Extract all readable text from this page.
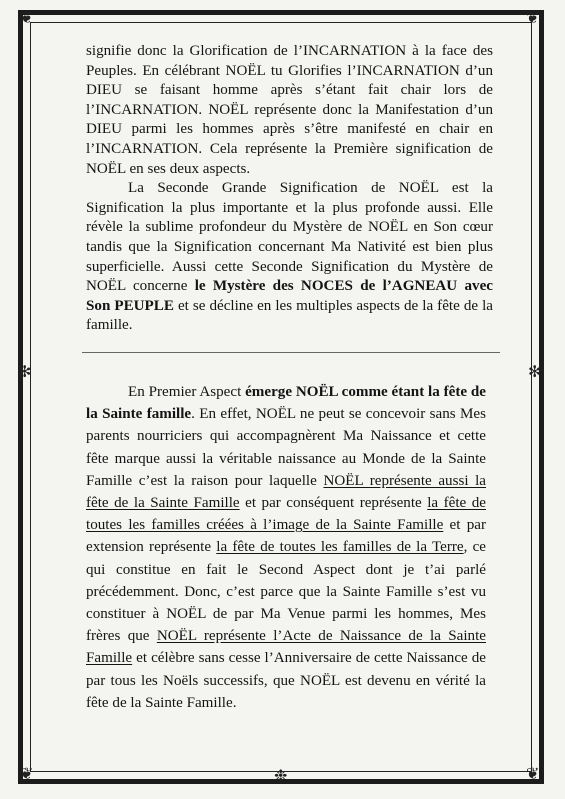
❦	❦
❦	❦
✻	✻
❉

signifie donc la Glorification de l’INCARNATION à la face des Peuples. En célébrant NOËL tu Glorifies l’INCARNATION d’un DIEU se faisant homme après s’étant fait chair lors de l’INCARNATION. NOËL représente donc la Manifestation d’un DIEU parmi les hommes après s’être manifesté en chair en l’INCARNATION. Cela représente la Première signification de NOËL en ses deux aspects.

La Seconde Grande Signification de NOËL est la Signification la plus importante et la plus profonde aussi. Elle révèle la sublime profondeur du Mystère de NOËL en Son cœur tandis que la Signification concernant Ma Nativité est bien plus superficielle. Aussi cette Seconde Signification du Mystère de NOËL concerne le Mystère des NOCES de l’AGNEAU avec Son PEUPLE et se décline en les multiples aspects de la fête de la famille.

En Premier Aspect émerge NOËL comme étant la fête de la Sainte famille. En effet, NOËL ne peut se concevoir sans Mes parents nourriciers qui accompagnèrent Ma Naissance et cette fête marque aussi la véritable naissance au Monde de la Sainte Famille c’est la raison pour laquelle NOËL représente aussi la fête de la Sainte Famille et par conséquent représente la fête de toutes les familles créées à l’image de la Sainte Famille et par extension représente la fête de toutes les familles de la Terre, ce qui constitue en fait le Second Aspect dont je t’ai parlé précédemment. Donc, c’est parce que la Sainte Famille s’est vu constituer à NOËL de par Ma Venue parmi les hommes, Mes frères que NOËL représente l’Acte de Naissance de la Sainte Famille et célèbre sans cesse l’Anniversaire de cette Naissance de par tous les Noëls successifs, que NOËL est devenu en vérité la fête de la Sainte Famille.
